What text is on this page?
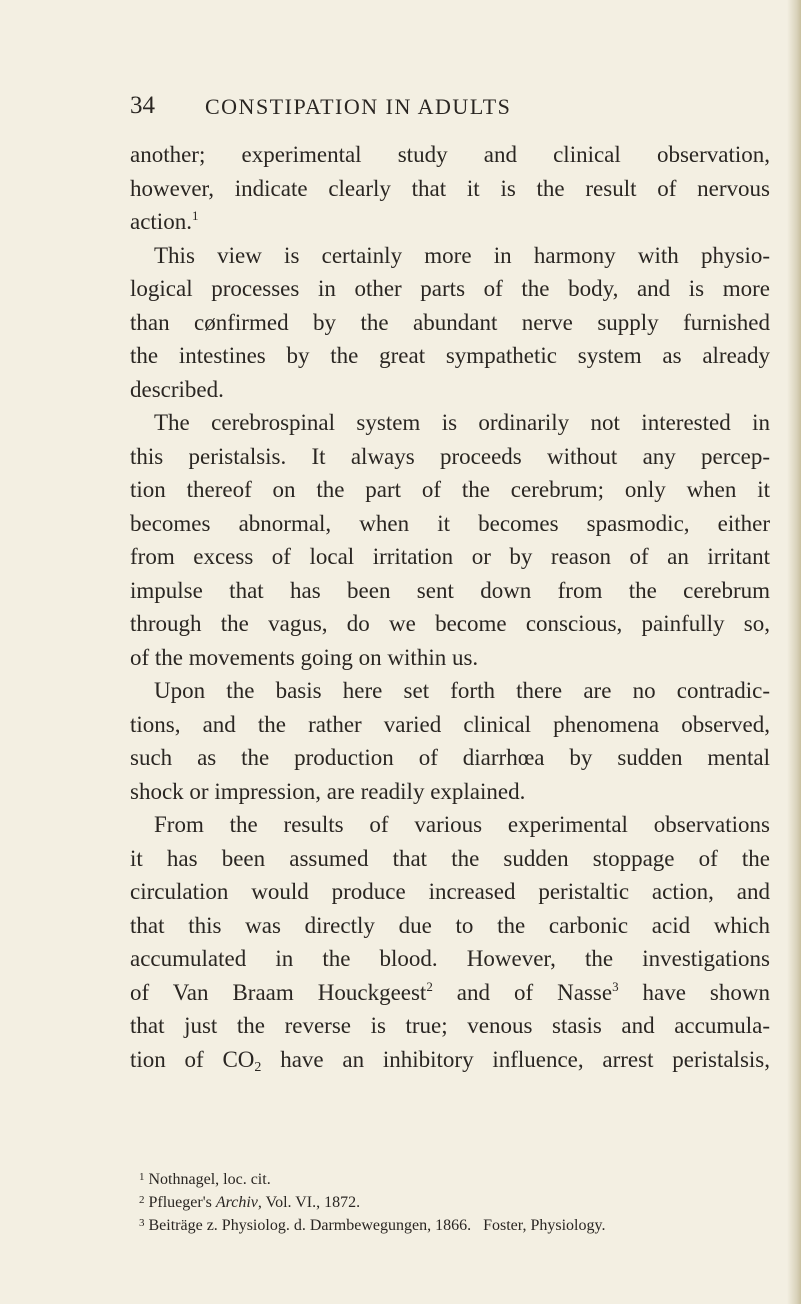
34 CONSTIPATION IN ADULTS
another; experimental study and clinical observation,
however, indicate clearly that it is the result of nervous
action.$^1$
This view is certainly more in harmony with physio-
logical processes in other parts of the body, and is more
than cønfirmed by the abundant nerve supply furnished
the intestines by the great sympathetic system as already
described.
The cerebrospinal system is ordinarily not interested in
this peristalsis. It always proceeds without any percep-
tion thereof on the part of the cerebrum; only when it
becomes abnormal, when it becomes spasmodic, either
from excess of local irritation or by reason of an irritant
impulse that has been sent down from the cerebrum
through the vagus, do we become conscious, painfully so,
of the movements going on within us.
Upon the basis here set forth there are no contradic-
tions, and the rather varied clinical phenomena observed,
such as the production of diarrhœa by sudden mental
shock or impression, are readily explained.
From the results of various experimental observations
it has been assumed that the sudden stoppage of the
circulation would produce increased peristaltic action, and
that this was directly due to the carbonic acid which
accumulated in the blood. However, the investigations
of Van Braam Houckgeest$^2$ and of Nasse$^3$ have shown
that just the reverse is true; venous stasis and accumula-
tion of $CO_2$ have an inhibitory influence, arrest peristalsis,
$^1$ Nothnagel, loc. cit.
$^2$ Pflueger's Archiv, Vol. VI., 1872.
$^3$ Beiträge z. Physiolog. d. Darmbewegungen, 1866.   Foster, Physiology.
